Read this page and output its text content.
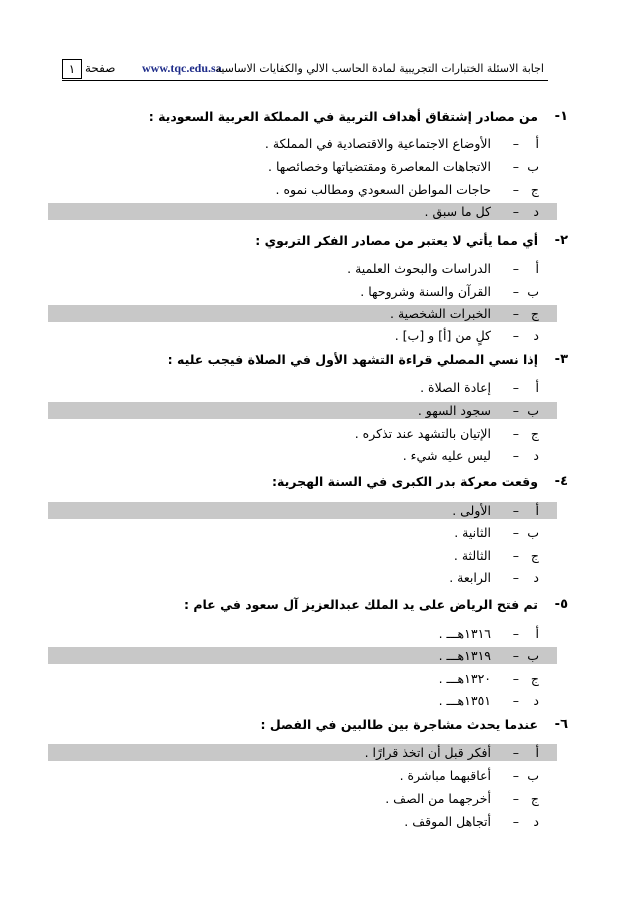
١ صفحة www.tqc.edu.sa
اجابة الاسئلة الختبارات التجريبية لمادة الحاسب الالي والكفايات الاساسية
١-
من مصادر إشتقاق أهداف التربية في المملكة العربية السعودية :
أ
–
الأوضاع الاجتماعية والاقتصادية في المملكة .
ب
–
الاتجاهات المعاصرة ومقتضياتها وخصائصها .
ج
–
حاجات المواطن السعودي ومطالب نموه .
د
–
كل ما سبق .
٢-
أي مما يأتي لا يعتبر من مصادر الفكر التربوي :
أ
–
الدراسات والبحوث العلمية .
ب
–
القرآن والسنة وشروحها .
ج
–
الخبرات الشخصية .
د
–
كلٍ من [أ] و [ب] .
٣-
إذا نسي المصلي قراءة التشهد الأول في الصلاة فيجب عليه :
أ
–
إعادة الصلاة .
ب
–
سجود السهو .
ج
–
الإتيان بالتشهد عند تذكره .
د
–
ليس عليه شيء .
٤-
وقعت معركة بدر الكبرى في السنة الهجرية:
أ
–
الأولى .
ب
–
الثانية .
ج
–
الثالثة .
د
–
الرابعة .
٥-
تم فتح الرياض على يد الملك عبدالعزيز آل سعود في عام :
أ
–
١٣١٦هـــ .
ب
–
١٣١٩هـــ .
ج
–
١٣٢٠هـــ .
د
–
١٣٥١هـــ .
٦-
عندما يحدث مشاجرة بين طالبين في الفصل :
أ
–
أفكر قبل أن اتخذ قرارًا .
ب
–
أعاقبهما مباشرة .
ج
–
أخرجهما من الصف .
د
–
أتجاهل الموقف .
